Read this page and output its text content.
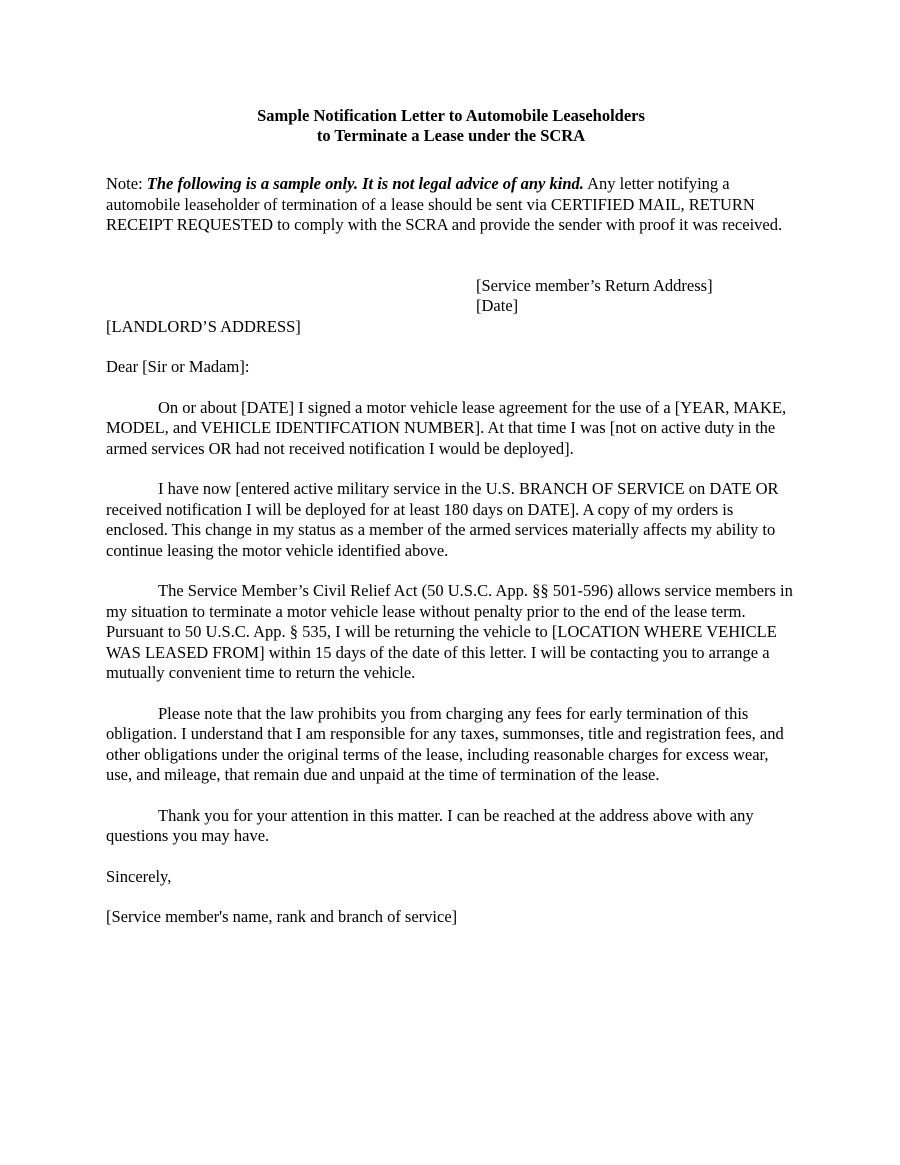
Sample Notification Letter to Automobile Leaseholders
to Terminate a Lease under the SCRA

Note: The following is a sample only. It is not legal advice of any kind. Any letter notifying a automobile leaseholder of termination of a lease should be sent via CERTIFIED MAIL, RETURN RECEIPT REQUESTED to comply with the SCRA and provide the sender with proof it was received.

[Service member’s Return Address]
[Date]
[LANDLORD’S ADDRESS]
Dear [Sir or Madam]:

On or about [DATE] I signed a motor vehicle lease agreement for the use of a [YEAR, MAKE, MODEL, and VEHICLE IDENTIFCATION NUMBER]. At that time I was [not on active duty in the armed services OR had not received notification I would be deployed].

I have now [entered active military service in the U.S. BRANCH OF SERVICE on DATE OR received notification I will be deployed for at least 180 days on DATE]. A copy of my orders is enclosed. This change in my status as a member of the armed services materially affects my ability to continue leasing the motor vehicle identified above.

The Service Member’s Civil Relief Act (50 U.S.C. App. §§ 501-596) allows service members in my situation to terminate a motor vehicle lease without penalty prior to the end of the lease term. Pursuant to 50 U.S.C. App. § 535, I will be returning the vehicle to [LOCATION WHERE VEHICLE WAS LEASED FROM] within 15 days of the date of this letter. I will be contacting you to arrange a mutually convenient time to return the vehicle.

Please note that the law prohibits you from charging any fees for early termination of this obligation. I understand that I am responsible for any taxes, summonses, title and registration fees, and other obligations under the original terms of the lease, including reasonable charges for excess wear, use, and mileage, that remain due and unpaid at the time of termination of the lease.

Thank you for your attention in this matter. I can be reached at the address above with any questions you may have.

Sincerely,
[Service member's name, rank and branch of service]
